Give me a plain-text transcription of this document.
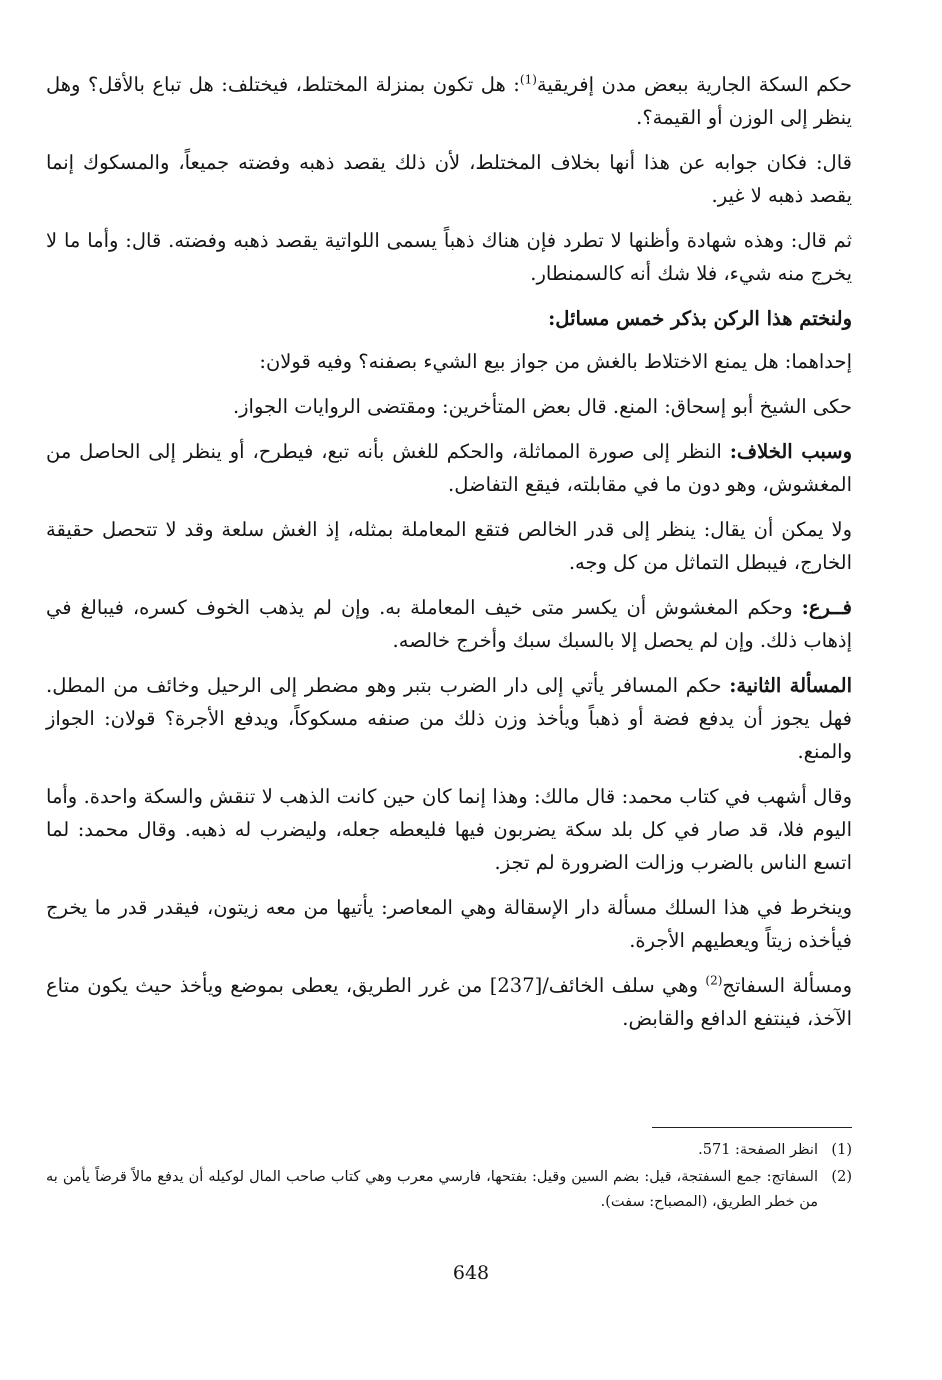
حكم السكة الجارية ببعض مدن إفريقية$^{(1)}$: هل تكون بمنزلة المختلط، فيختلف: هل تباع بالأقل؟ وهل ينظر إلى الوزن أو القيمة؟.

قال: فكان جوابه عن هذا أنها بخلاف المختلط، لأن ذلك يقصد ذهبه وفضته جميعاً، والمسكوك إنما يقصد ذهبه لا غير.

ثم قال: وهذه شهادة وأظنها لا تطرد فإن هناك ذهباً يسمى اللواتية يقصد ذهبه وفضته. قال: وأما ما لا يخرج منه شيء، فلا شك أنه كالسمنطار.

ولنختم هذا الركن بذكر خمس مسائل:

إحداهما: هل يمنع الاختلاط بالغش من جواز بيع الشيء بصفنه؟ وفيه قولان:

حكى الشيخ أبو إسحاق: المنع. قال بعض المتأخرين: ومقتضى الروايات الجواز.

وسبب الخلاف: النظر إلى صورة المماثلة، والحكم للغش بأنه تبع، فيطرح، أو ينظر إلى الحاصل من المغشوش، وهو دون ما في مقابلته، فيقع التفاضل.

ولا يمكن أن يقال: ينظر إلى قدر الخالص فتقع المعاملة بمثله، إذ الغش سلعة وقد لا تتحصل حقيقة الخارج، فيبطل التماثل من كل وجه.

فــرع: وحكم المغشوش أن يكسر متى خيف المعاملة به. وإن لم يذهب الخوف كسره، فيبالغ في إذهاب ذلك. وإن لم يحصل إلا بالسبك سبك وأخرج خالصه.

المسألة الثانية: حكم المسافر يأتي إلى دار الضرب بتبر وهو مضطر إلى الرحيل وخائف من المطل. فهل يجوز أن يدفع فضة أو ذهباً ويأخذ وزن ذلك من صنفه مسكوكاً، ويدفع الأجرة؟ قولان: الجواز والمنع.

وقال أشهب في كتاب محمد: قال مالك: وهذا إنما كان حين كانت الذهب لا تنقش والسكة واحدة. وأما اليوم فلا، قد صار في كل بلد سكة يضربون فيها فليعطه جعله، وليضرب له ذهبه. وقال محمد: لما اتسع الناس بالضرب وزالت الضرورة لم تجز.

وينخرط في هذا السلك مسألة دار الإسقالة وهي المعاصر: يأتيها من معه زيتون، فيقدر قدر ما يخرج فيأخذه زيتاً ويعطيهم الأجرة.

ومسألة السفاتج$^{(2)}$ وهي سلف الخائف/[237] من غرر الطريق، يعطى بموضع ويأخذ حيث يكون متاع الآخذ، فينتفع الدافع والقابض.

(1)
انظر الصفحة: 571.
(2)
السفاتج: جمع السفتجة، قيل: بضم السين وقيل: بفتحها، فارسي معرب وهي كتاب صاحب المال لوكيله أن يدفع مالاً قرضاً يأمن به من خطر الطريق، (المصباح: سفت).
648
